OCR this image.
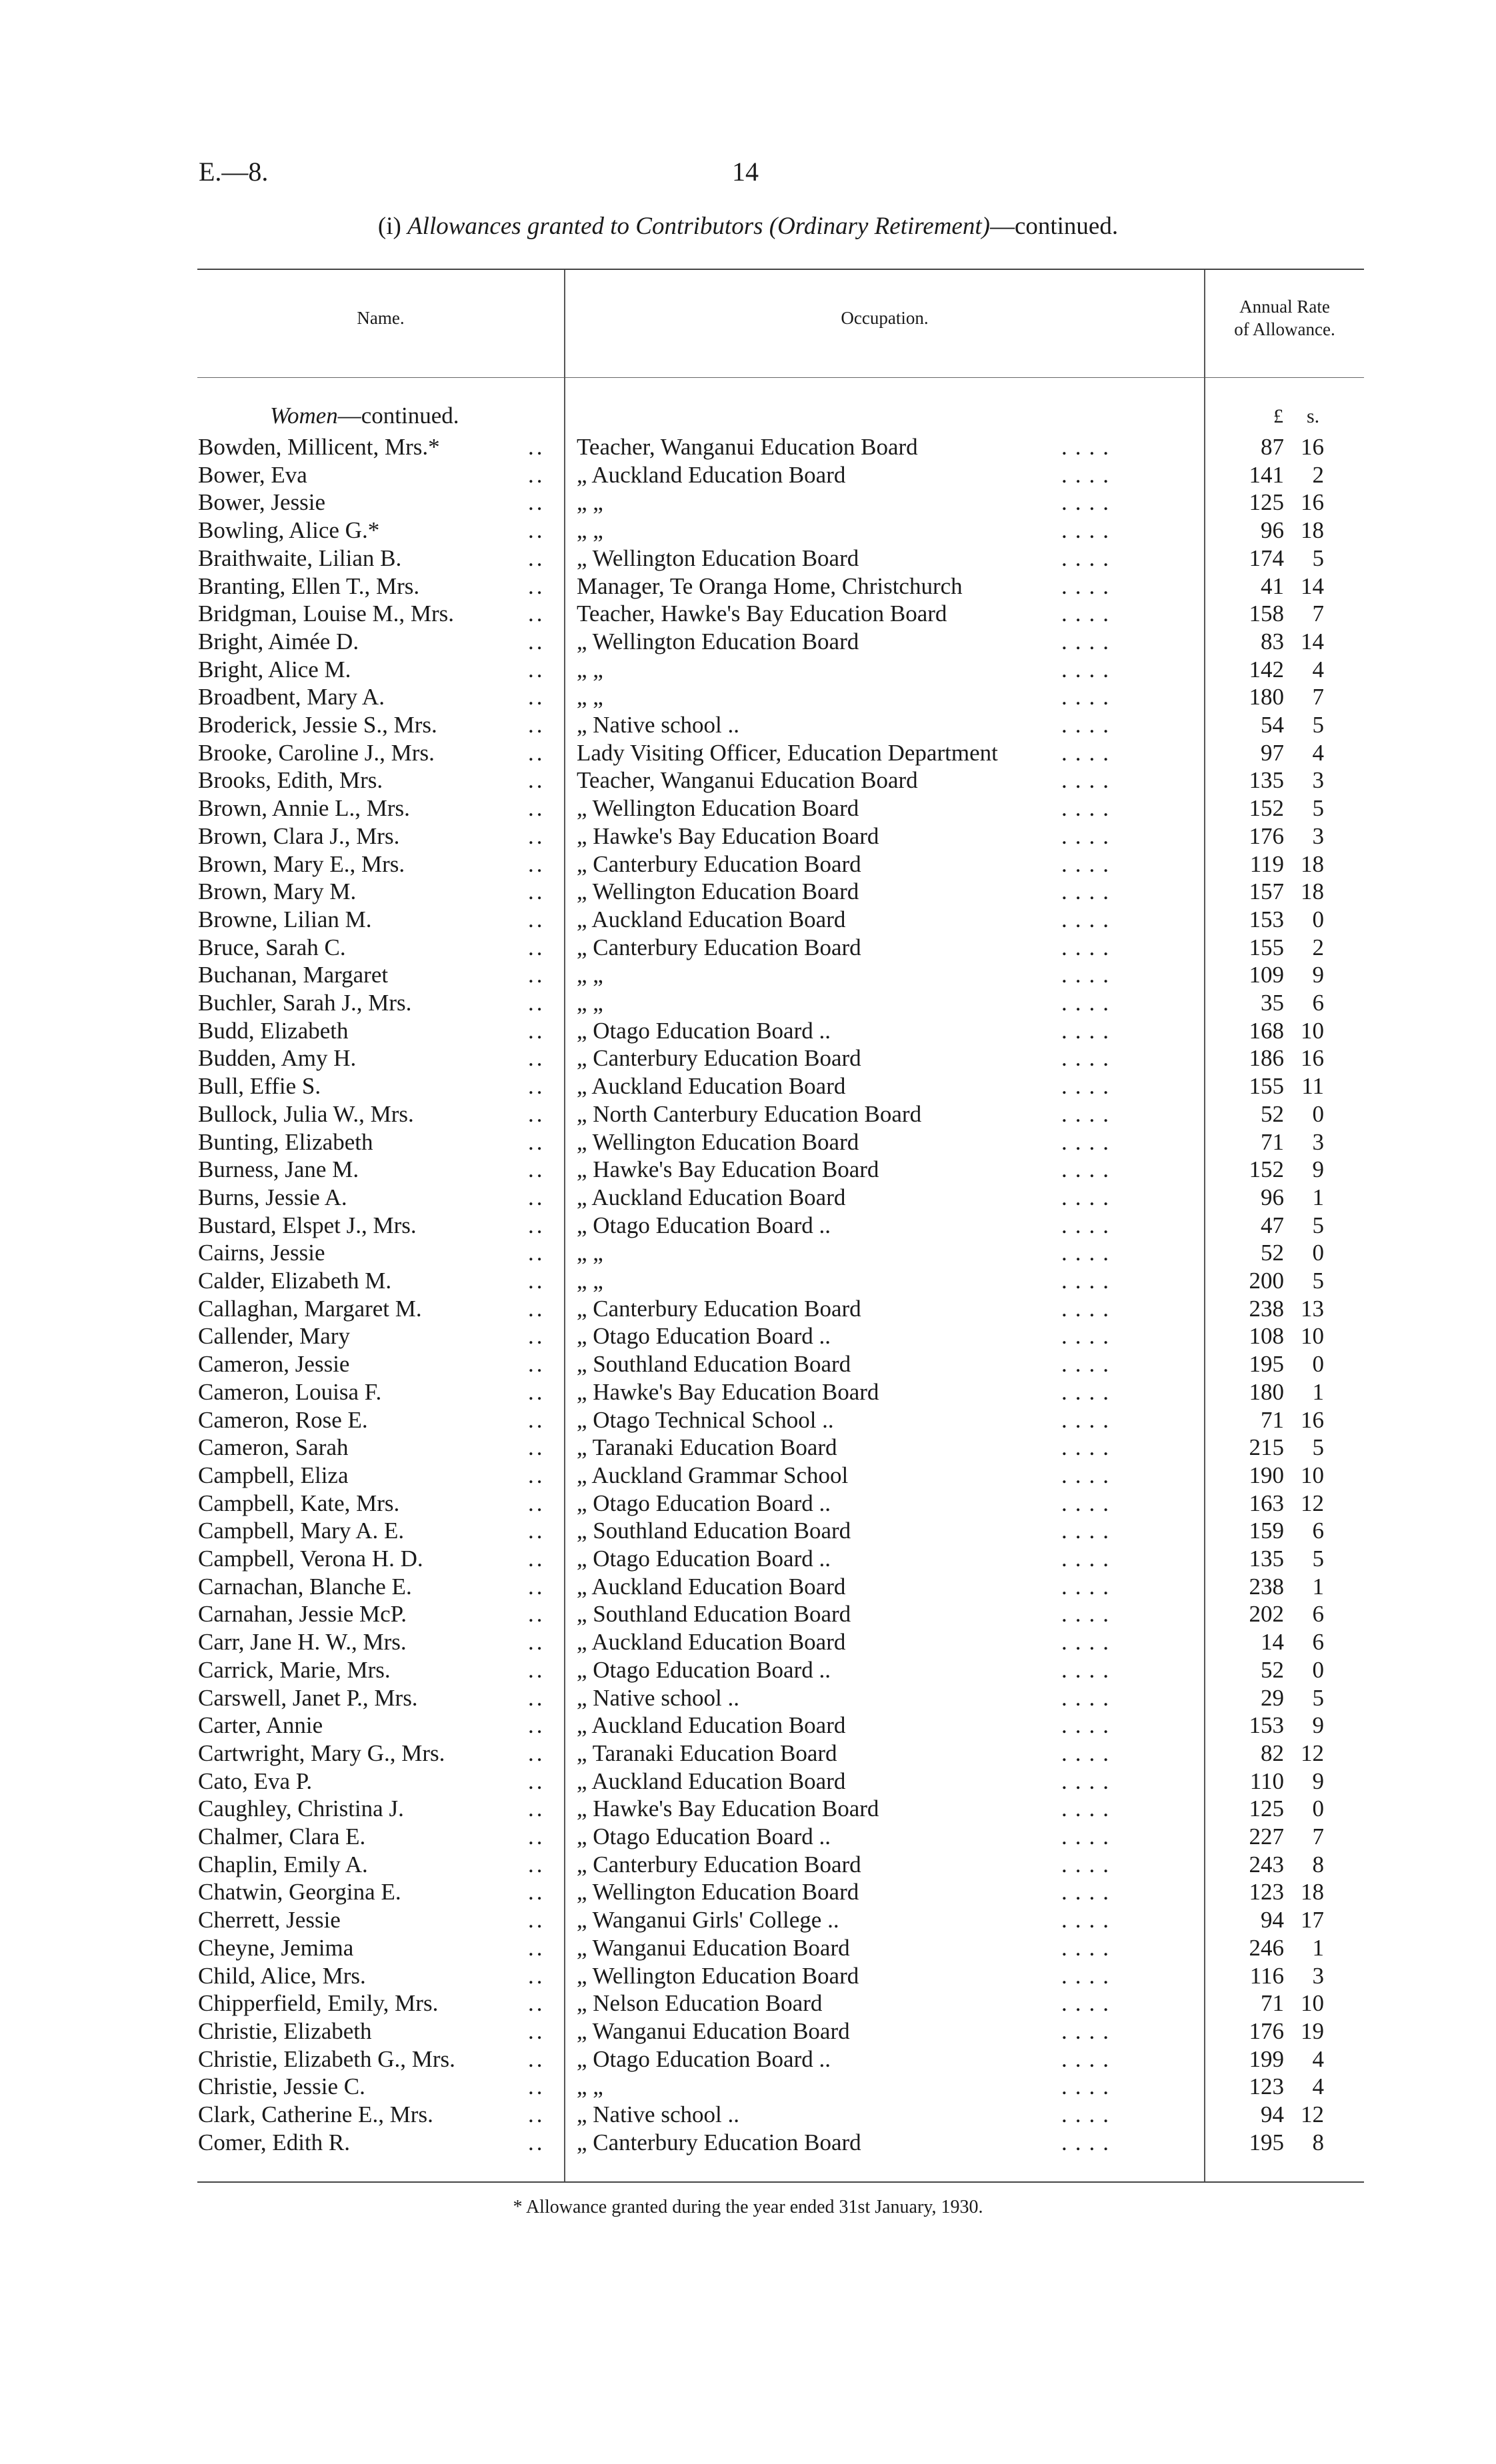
E.—8.	14
(i) Allowances granted to Contributors (Ordinary Retirement)—continued.
Name.	Occupation.
Annual Rate
of Allowance.
Women—continued.	£ s.
Bowden, Millicent, Mrs.*	.. Teacher, Wanganui Education Board	....	87 16
Bower, Eva	.. „ Auckland Education Board	....	141	2
Bower, Jessie	.. „ „	....	125 16
Bowling, Alice G.*	.. „ „	....	96 18
Braithwaite, Lilian B.	.. „ Wellington Education Board	....	174	5
Branting, Ellen T., Mrs.	.. Manager, Te Oranga Home, Christchurch	....	41 14
Bridgman, Louise M., Mrs.	.. Teacher, Hawke's Bay Education Board	....	158	7
Bright, Aimée D.	.. „ Wellington Education Board	....	83 14
Bright, Alice M.	.. „ „	....	142	4
Broadbent, Mary A.	.. „ „	....	180	7
Broderick, Jessie S., Mrs.	.. „ Native school ..	....	54	5
Brooke, Caroline J., Mrs.	.. Lady Visiting Officer, Education Department	....	97	4
Brooks, Edith, Mrs.	.. Teacher, Wanganui Education Board	....	135	3
Brown, Annie L., Mrs.	.. „ Wellington Education Board	....	152	5
Brown, Clara J., Mrs.	.. „ Hawke's Bay Education Board	....	176	3
Brown, Mary E., Mrs.	.. „ Canterbury Education Board	....	119 18
Brown, Mary M.	.. „ Wellington Education Board	....	157 18
Browne, Lilian M.	.. „ Auckland Education Board	....	153	0
Bruce, Sarah C.	.. „ Canterbury Education Board	....	155	2
Buchanan, Margaret	.. „ „	....	109	9
Buchler, Sarah J., Mrs.	.. „ „	....	35	6
Budd, Elizabeth	.. „ Otago Education Board ..	....	168 10
Budden, Amy H.	.. „ Canterbury Education Board	....	186 16
Bull, Effie S.	.. „ Auckland Education Board	....	155 11
Bullock, Julia W., Mrs.	.. „ North Canterbury Education Board	....	52	0
Bunting, Elizabeth	.. „ Wellington Education Board	....	71	3
Burness, Jane M.	.. „ Hawke's Bay Education Board	....	152	9
Burns, Jessie A.	.. „ Auckland Education Board	....	96	1
Bustard, Elspet J., Mrs.	.. „ Otago Education Board ..	....	47	5
Cairns, Jessie	.. „ „	....	52	0
Calder, Elizabeth M.	.. „ „	....	200	5
Callaghan, Margaret M.	.. „ Canterbury Education Board	....	238 13
Callender, Mary	.. „ Otago Education Board ..	....	108 10
Cameron, Jessie	.. „ Southland Education Board	....	195	0
Cameron, Louisa F.	.. „ Hawke's Bay Education Board	....	180	1
Cameron, Rose E.	.. „ Otago Technical School ..	....	71 16
Cameron, Sarah	.. „ Taranaki Education Board	....	215	5
Campbell, Eliza	.. „ Auckland Grammar School	....	190 10
Campbell, Kate, Mrs.	.. „ Otago Education Board ..	....	163 12
Campbell, Mary A. E.	.. „ Southland Education Board	....	159	6
Campbell, Verona H. D.	.. „ Otago Education Board ..	....	135	5
Carnachan, Blanche E.	.. „ Auckland Education Board	....	238	1
Carnahan, Jessie McP.	.. „ Southland Education Board	....	202	6
Carr, Jane H. W., Mrs.	.. „ Auckland Education Board	....	14	6
Carrick, Marie, Mrs.	.. „ Otago Education Board ..	....	52	0
Carswell, Janet P., Mrs.	.. „ Native school ..	....	29	5
Carter, Annie	.. „ Auckland Education Board	....	153	9
Cartwright, Mary G., Mrs.	.. „ Taranaki Education Board	....	82 12
Cato, Eva P.	.. „ Auckland Education Board	....	110	9
Caughley, Christina J.	.. „ Hawke's Bay Education Board	....	125	0
Chalmer, Clara E.	.. „ Otago Education Board ..	....	227	7
Chaplin, Emily A.	.. „ Canterbury Education Board	....	243	8
Chatwin, Georgina E.	.. „ Wellington Education Board	....	123 18
Cherrett, Jessie	.. „ Wanganui Girls' College ..	....	94 17
Cheyne, Jemima	.. „ Wanganui Education Board	....	246	1
Child, Alice, Mrs.	.. „ Wellington Education Board	....	116	3
Chipperfield, Emily, Mrs.	.. „ Nelson Education Board	....	71 10
Christie, Elizabeth	.. „ Wanganui Education Board	....	176 19
Christie, Elizabeth G., Mrs.	.. „ Otago Education Board ..	....	199	4
Christie, Jessie C.	.. „ „	....	123	4
Clark, Catherine E., Mrs.	.. „ Native school ..	....	94 12
Comer, Edith R.	.. „ Canterbury Education Board	....	195	8
* Allowance granted during the year ended 31st January, 1930.
